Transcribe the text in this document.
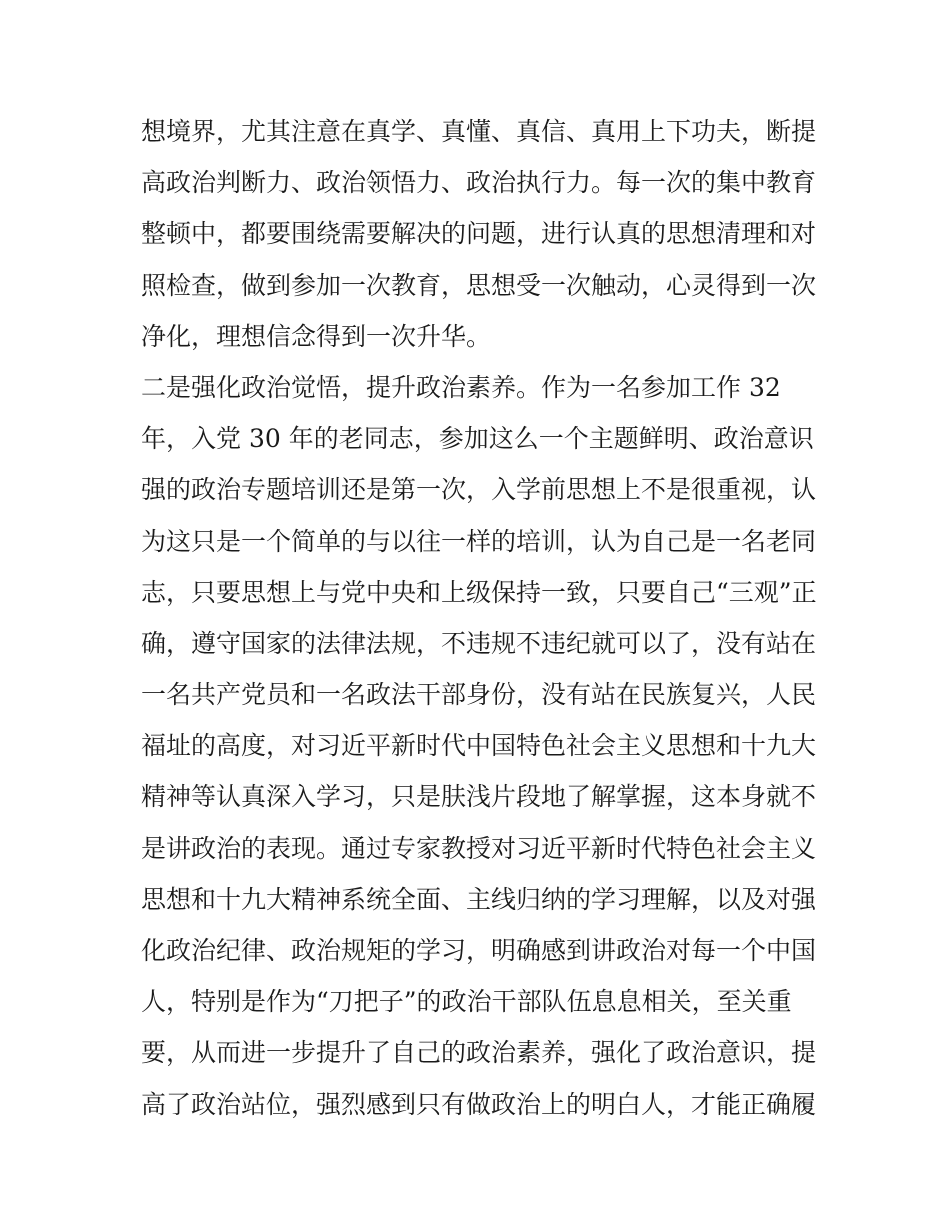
想境界，尤其注意在真学、真懂、真信、真用上下功夫，断提
高政治判断力、政治领悟力、政治执行力。每一次的集中教育
整顿中，都要围绕需要解决的问题，进行认真的思想清理和对
照检查，做到参加一次教育，思想受一次触动，心灵得到一次
净化，理想信念得到一次升华。
二是强化政治觉悟，提升政治素养。作为一名参加工作 32
年，入党 30 年的老同志，参加这么一个主题鲜明、政治意识
强的政治专题培训还是第一次，入学前思想上不是很重视，认
为这只是一个简单的与以往一样的培训，认为自己是一名老同
志，只要思想上与党中央和上级保持一致，只要自己“三观”正
确，遵守国家的法律法规，不违规不违纪就可以了，没有站在
一名共产党员和一名政法干部身份，没有站在民族复兴，人民
福址的高度，对习近平新时代中国特色社会主义思想和十九大
精神等认真深入学习，只是肤浅片段地了解掌握，这本身就不
是讲政治的表现。通过专家教授对习近平新时代特色社会主义
思想和十九大精神系统全面、主线归纳的学习理解，以及对强
化政治纪律、政治规矩的学习，明确感到讲政治对每一个中国
人，特别是作为“刀把子”的政治干部队伍息息相关，至关重
要，从而进一步提升了自己的政治素养，强化了政治意识，提
高了政治站位，强烈感到只有做政治上的明白人，才能正确履
